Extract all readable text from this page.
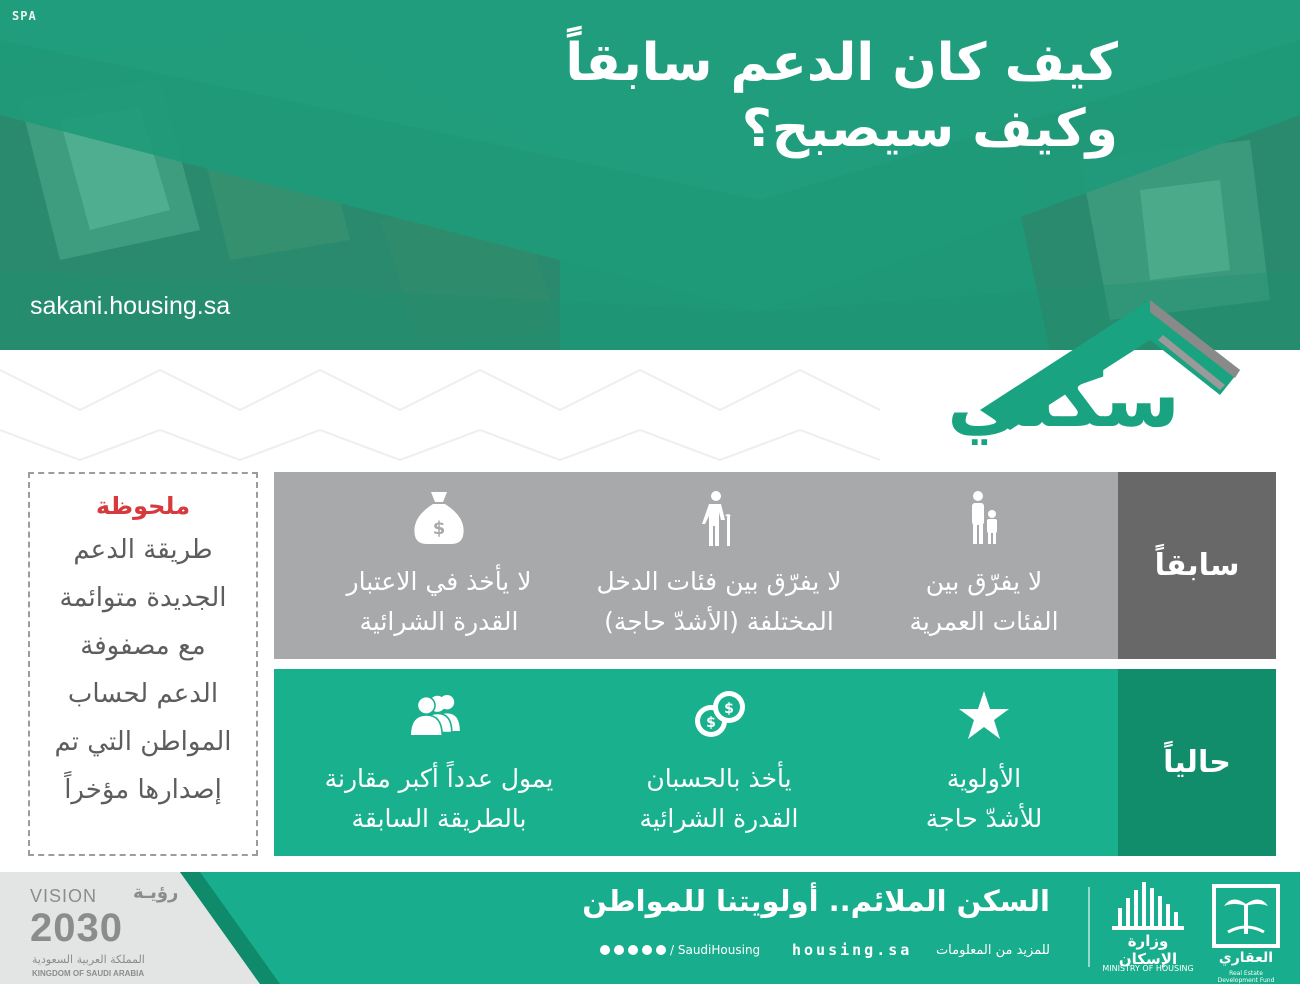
SPA
كيف كان الدعم سابقاً
وكيف سيصبح؟
sakani.housing.sa
سكني
سابقاً
لا يفرّق بين
الفئات العمرية
لا يفرّق بين فئات الدخل
المختلفة (الأشدّ حاجة)
$
لا يأخذ في الاعتبار
القدرة الشرائية
حالياً
الأولوية
للأشدّ حاجة
$
$
يأخذ بالحسبان
القدرة الشرائية
يمول عدداً أكبر مقارنة
بالطريقة السابقة
ملحوظة
طريقة الدعم
الجديدة متوائمة
مع مصفوفة
الدعم لحساب
المواطن التي تم
إصدارها مؤخراً
VISION رؤيـة
2030
المملكة العربية السعودية
KINGDOM OF SAUDI ARABIA
السكن الملائم.. أولويتنا للمواطن
/ SaudiHousing housing.sa للمزيد من المعلومات
وزارة الإسكان
MINISTRY OF HOUSING
العقاري
Real Estate Development Fund
